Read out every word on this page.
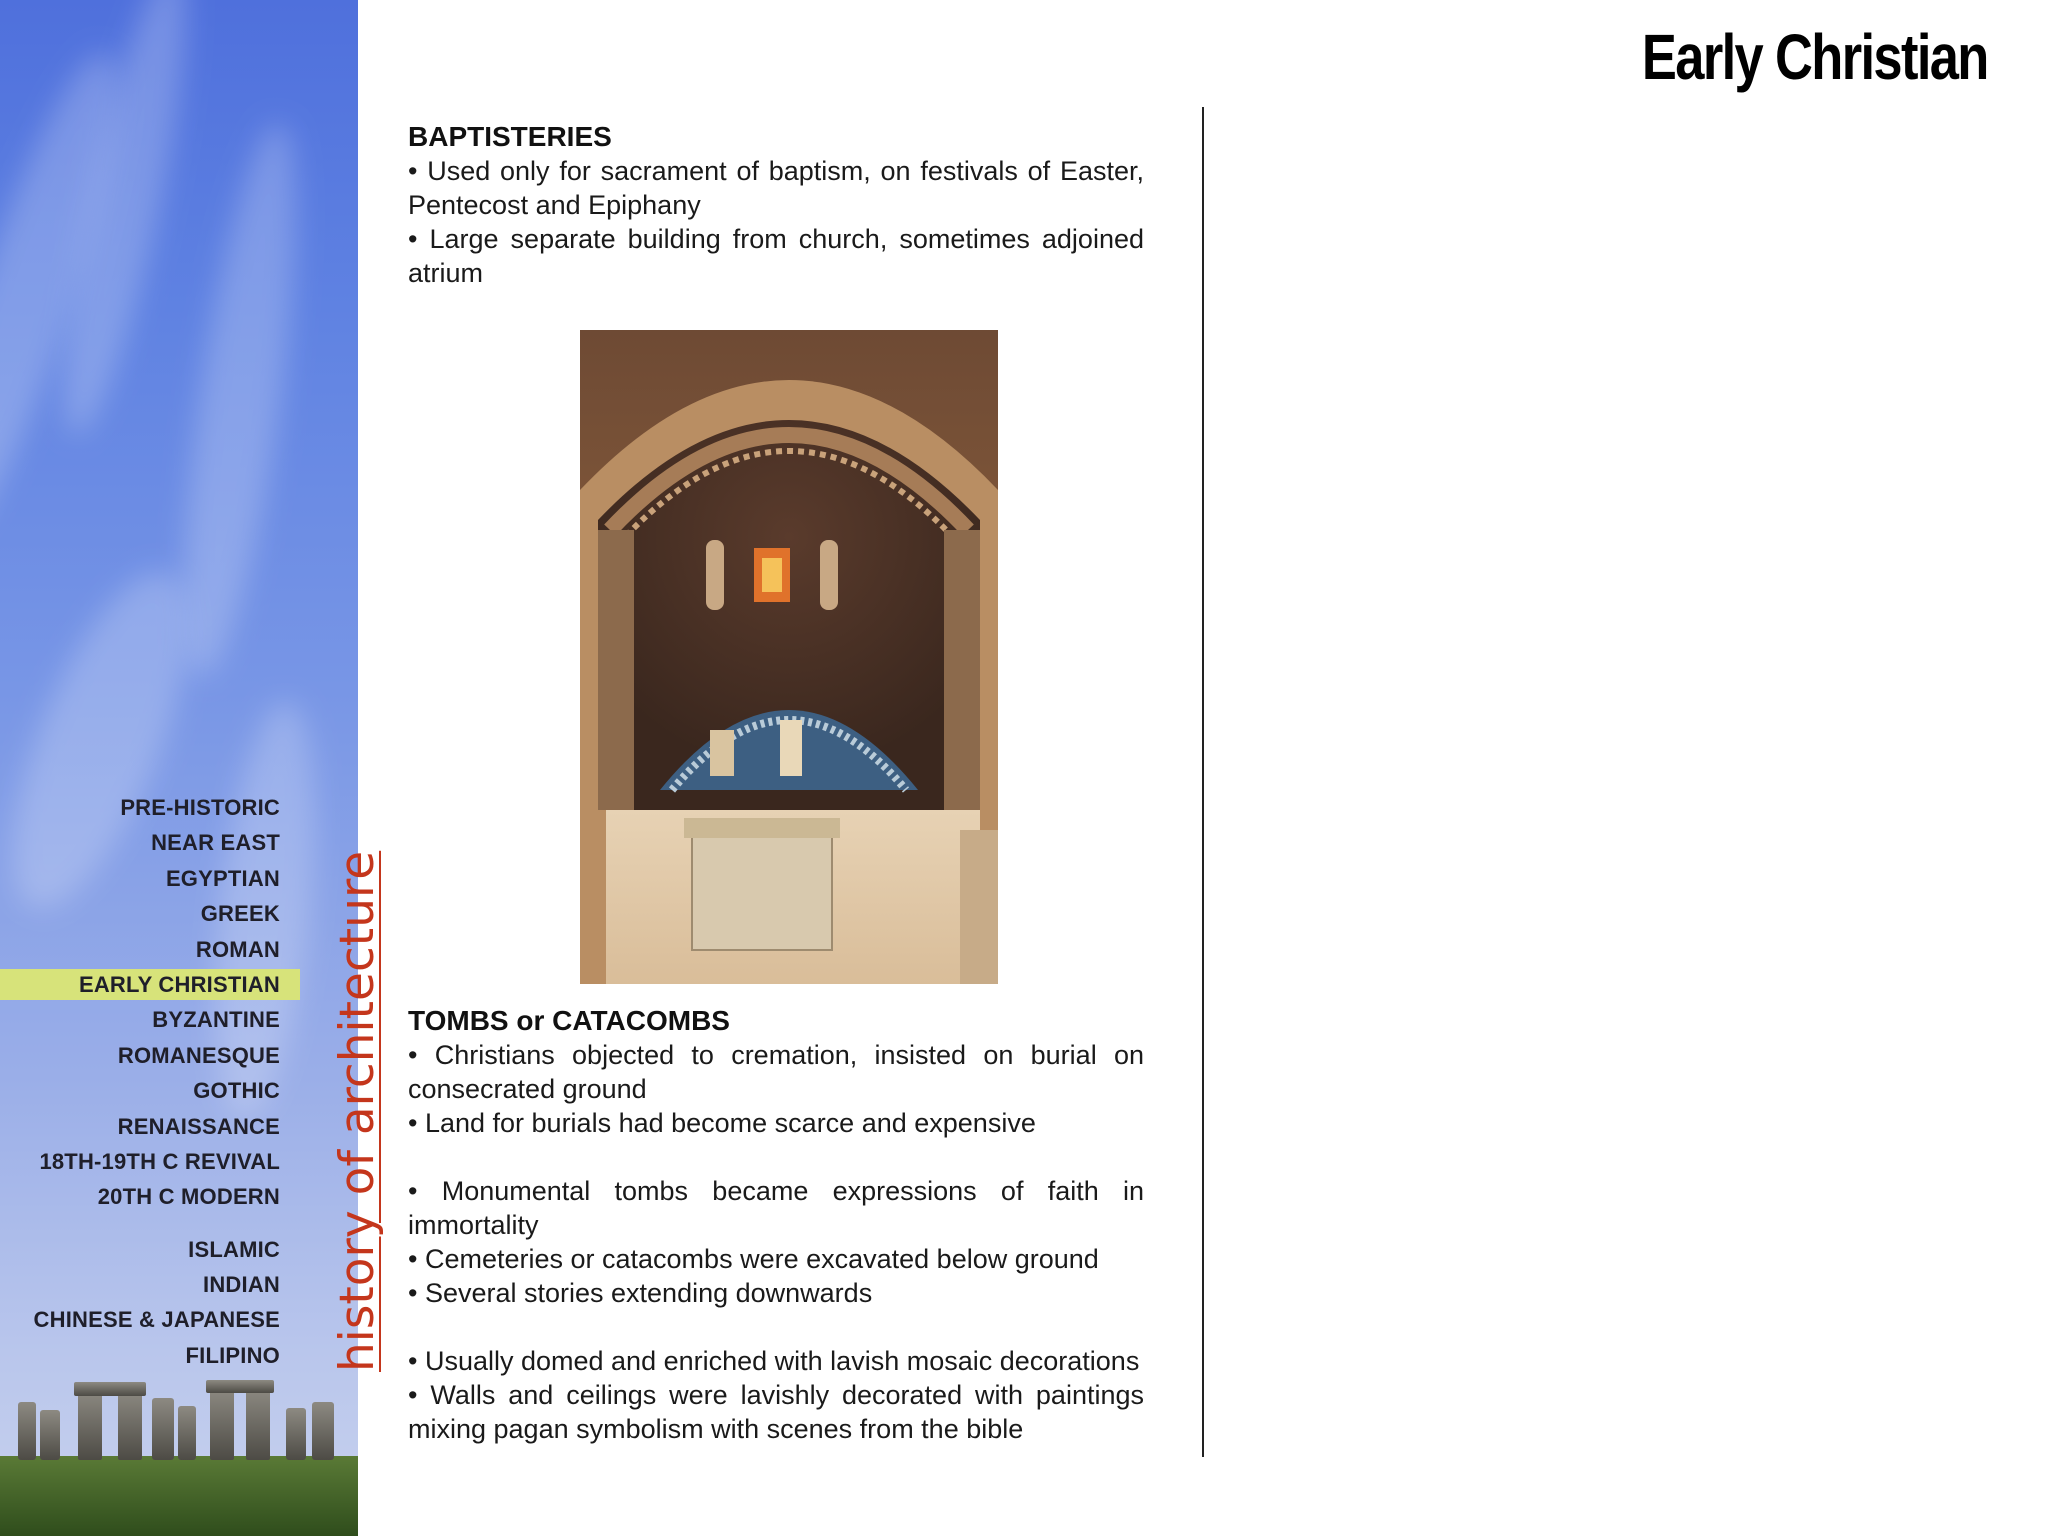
PRE-HISTORIC
NEAR EAST
EGYPTIAN
GREEK
ROMAN
EARLY CHRISTIAN
BYZANTINE
ROMANESQUE
GOTHIC
RENAISSANCE
18TH-19TH C REVIVAL
20TH C MODERN
ISLAMIC
INDIAN
CHINESE & JAPANESE
FILIPINO history of architecture
Early Christian
BAPTISTERIES

• Used only for sacrament of baptism, on festivals of Easter, Pentecost and Epiphany

• Large separate building from church, sometimes adjoined atrium

TOMBS or CATACOMBS

• Christians objected to cremation, insisted on burial on consecrated ground

• Land for burials had become scarce and expensive

• Monumental tombs became expressions of faith in immortality

• Cemeteries or catacombs were excavated below ground

• Several stories extending downwards

• Usually domed and enriched with lavish mosaic decorations

• Walls and ceilings were lavishly decorated with paintings mixing pagan symbolism with scenes from the bible
